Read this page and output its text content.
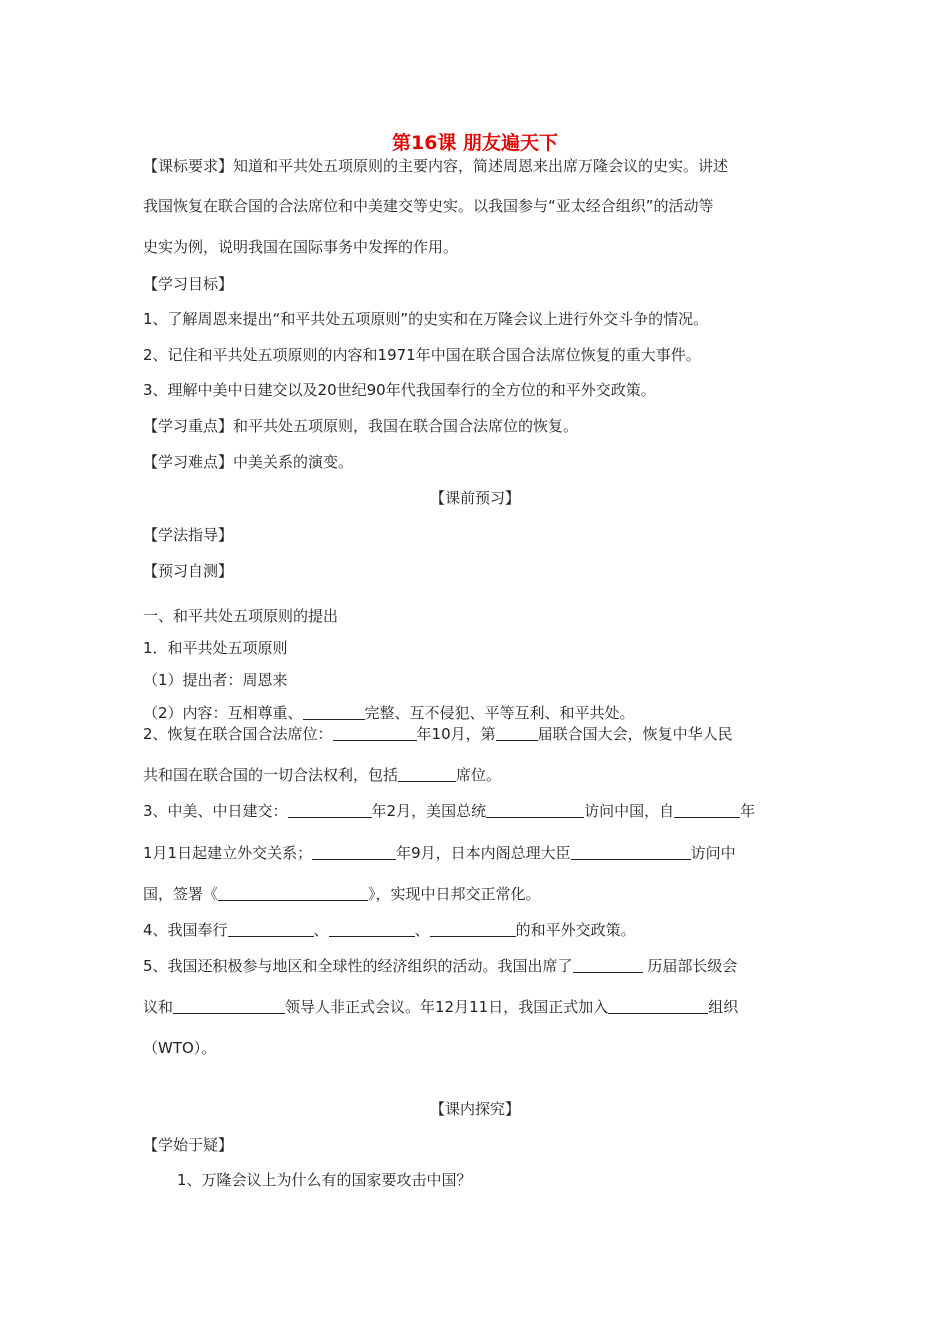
第16课 朋友遍天下
【课标要求】知道和平共处五项原则的主要内容，简述周恩来出席万隆会议的史实。讲述
我国恢复在联合国的合法席位和中美建交等史实。以我国参与“亚太经合组织”的活动等
史实为例，说明我国在国际事务中发挥的作用。
【学习目标】
1、了解周恩来提出“和平共处五项原则”的史实和在万隆会议上进行外交斗争的情况。
2、记住和平共处五项原则的内容和1971年中国在联合国合法席位恢复的重大事件。
3、理解中美中日建交以及20世纪90年代我国奉行的全方位的和平外交政策。
【学习重点】和平共处五项原则，我国在联合国合法席位的恢复。
【学习难点】中美关系的演变。
【课前预习】
【学法指导】
【预习自测】
一、和平共处五项原则的提出
1．和平共处五项原则
（1）提出者：周恩来
（2）内容：互相尊重、	完整、互不侵犯、平等互利、和平共处。
2、恢复在联合国合法席位：	年10月，第	届联合国大会，恢复中华人民
共和国在联合国的一切合法权利，包括	席位。
3、中美、中日建交：	年2月，美国总统	访问中国，自	年
1月1日起建立外交关系；	年9月，日本内阁总理大臣	访问中
国，签署《	》，实现中日邦交正常化。
4、我国奉行	、	、	的和平外交政策。
5、我国还积极参与地区和全球性的经济组织的活动。我国出席了	历届部长级会
议和	领导人非正式会议。年12月11日，我国正式加入	组织
（WTO）。
【课内探究】
【学始于疑】
1、万隆会议上为什么有的国家要攻击中国？
